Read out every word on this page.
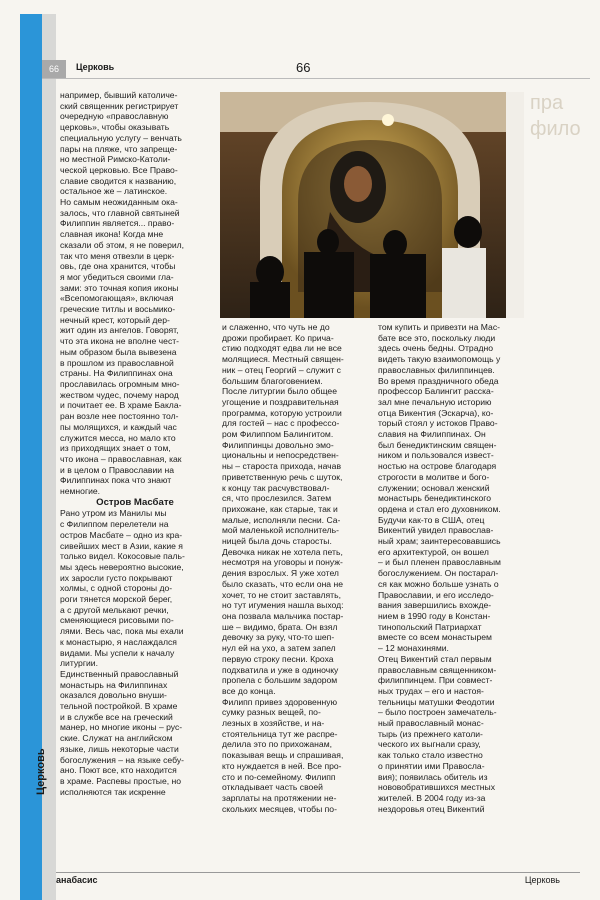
Церковь
66	Церковь	66
например, бывший католиче-
ский священник регистрирует
очередную «православную
церковь», чтобы оказывать
специальную услугу – венчать
пары на пляже, что запреще-
но местной Римско-Католи-
ческой церковью. Все Право-
славие сводится к названию,
остальное же – латинское.
Но самым неожиданным ока-
залось, что главной святыней
Филиппин является... право-
славная икона! Когда мне
сказали об этом, я не поверил,
так что меня отвезли в церк-
овь, где она хранится, чтобы
я мог убедиться своими гла-
зами: это точная копия иконы
«Всепомогающая», включая
греческие титлы и восьмико-
нечный крест, который дер-
жит один из ангелов. Говорят,
что эта икона не вполне чест-
ным образом была вывезена
в прошлом из православной
страны. На Филиппинах она
прославилась огромным мно-
жеством чудес, почему народ
и почитает ее. В храме Бакла-
ран возле нее постоянно тол-
пы молящихся, и каждый час
служится месса, но мало кто
из приходящих знает о том,
что икона – православная, как
и в целом о Православии на
Филиппинах пока что знают
немногие.

Остров Масбате
Рано утром из Манилы мы
с Филиппом перелетели на
остров Масбате – одно из кра-
сивейших мест в Азии, какие я
только видел. Кокосовые паль-
мы здесь невероятно высокие,
их заросли густо покрывают
холмы, с одной стороны до-
роги тянется морской берег,
а с другой мелькают речки,
сменяющиеся рисовыми по-
лями. Весь час, пока мы ехали
к монастырю, я наслаждался
видами. Мы успели к началу
литургии.
Единственный православный
монастырь на Филиппинах
оказался довольно внуши-
тельной постройкой. В храме
и в службе все на греческий
манер, но многие иконы – рус-
ские. Служат на английском
языке, лишь некоторые части
богослужения – на языке себу-
ано. Поют все, кто находится
в храме. Распевы простые, но
исполняются так искренне
пра
фило
и слаженно, что чуть не до
дрожи пробирает. Ко прича-
стию подходят едва ли не все
молящиеся. Местный священ-
ник – отец Георгий – служит с
большим благоговением.
После литургии было общее
угощение и поздравительная
программа, которую устроили
для гостей – нас с профессо-
ром Филиппом Балингитом.
Филиппинцы довольно эмо-
циональны и непосредствен-
ны – староста прихода, начав
приветственную речь с шуток,
к концу так расчувствовал-
ся, что прослезился. Затем
прихожане, как старые, так и
малые, исполняли песни. Са-
мой маленькой исполнитель-
ницей была дочь старосты.
Девочка никак не хотела петь,
несмотря на уговоры и понуж-
дения взрослых. Я уже хотел
было сказать, что если она не
хочет, то не стоит заставлять,
но тут игумения нашла выход:
она позвала мальчика постар-
ше – видимо, брата. Он взял
девочку за руку, что-то шеп-
нул ей на ухо, а затем запел
первую строку песни. Кроха
подхватила и уже в одиночку
пропела с большим задором
все до конца.
Филипп привез здоровенную
сумку разных вещей, по-
лезных в хозяйстве, и на-
стоятельница тут же распре-
делила это по прихожанам,
показывая вещь и спрашивая,
кто нуждается в ней. Все про-
сто и по-семейному. Филипп
откладывает часть своей
зарплаты на протяжении не-
скольких месяцев, чтобы по-
том купить и привезти на Мас-
бате все это, поскольку люди
здесь очень бедны. Отрадно
видеть такую взаимопомощь у
православных филиппинцев.
Во время праздничного обеда
профессор Балингит расска-
зал мне печальную историю
отца Викентия (Эскарча), ко-
торый стоял у истоков Право-
славия на Филиппинах. Он
был бенедиктинским священ-
ником и пользовался извест-
ностью на острове благодаря
строгости в молитве и бого-
служении; основал женский
монастырь бенедиктинского
ордена и стал его духовником.
Будучи как-то в США, отец
Викентий увидел православ-
ный храм; заинтересовавшись
его архитектурой, он вошел
– и был пленен православным
богослужением. Он постарал-
ся как можно больше узнать о
Православии, и его исследо-
вания завершились вхожде-
нием в 1990 году в Констан-
тинопольский Патриархат
вместе со всем монастырем
– 12 монахинями.
Отец Викентий стал первым
православным священником-
филиппинцем. При совмест-
ных трудах – его и настоя-
тельницы матушки Феодотии
– было построен замечатель-
ный православный монас-
тырь (из прежнего католи-
ческого их выгнали сразу,
как только стало известно
о принятии ими Правосла-
вия); появилась обитель из
нововобратившихся местных
жителей. В 2004 году из-за
нездоровья отец Викентий
анабасис	Церковь
